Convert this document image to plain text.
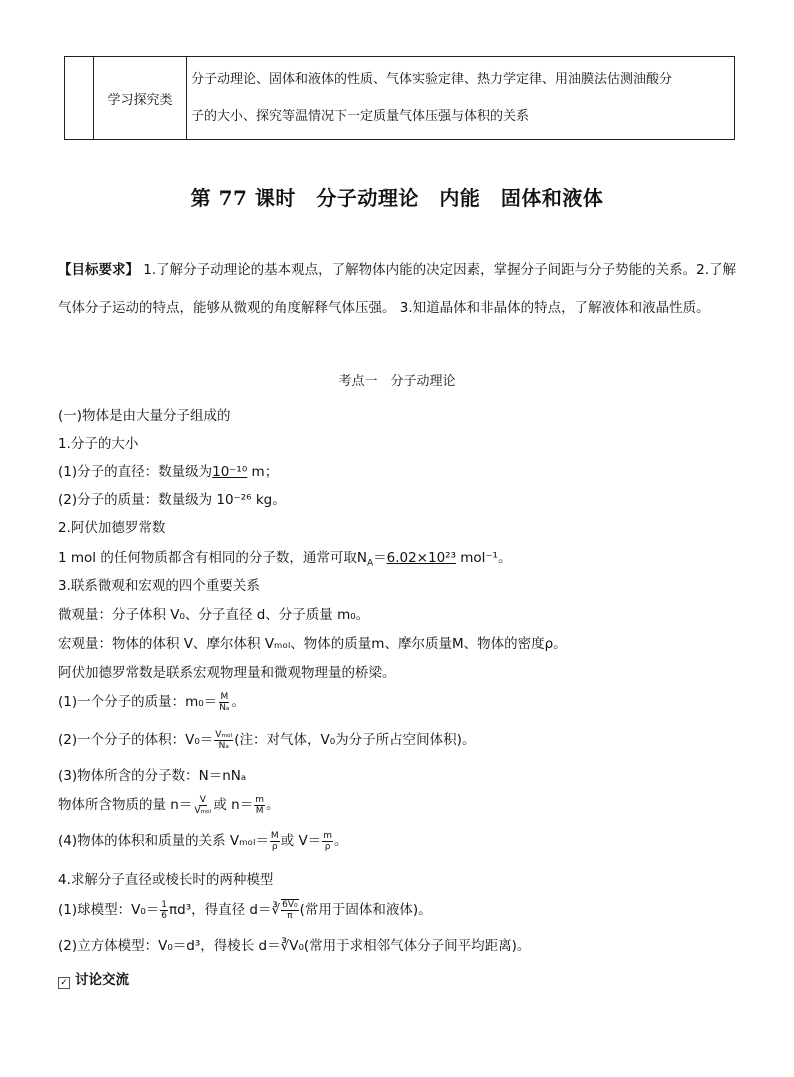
	学习探究类	
分子动理论、固体和液体的性质、气体实验定律、热力学定律、用油膜法估测油酸分
子的大小、探究等温情况下一定质量气体压强与体积的关系
第 77 课时　分子动理论　内能　固体和液体
【目标要求】 1.了解分子动理论的基本观点，了解物体内能的决定因素，掌握分子间距与分子势能的关系。2.了解气体分子运动的特点，能够从微观的角度解释气体压强。 3.知道晶体和非晶体的特点，了解液体和液晶性质。
考点一　分子动理论
(一)物体是由大量分子组成的
1.分子的大小
(1)分子的直径：数量级为10⁻¹⁰ m；
(2)分子的质量：数量级为 10⁻²⁶ kg。
2.阿伏加德罗常数
1 mol 的任何物质都含有相同的分子数，通常可取$N_A=6.02\times 10^{23}$ mol⁻¹。
3.联系微观和宏观的四个重要关系
微观量：分子体积 V₀、分子直径 d、分子质量 m₀。
宏观量：物体的体积 V、摩尔体积 Vₘₒₗ、物体的质量m、摩尔质量M、物体的密度ρ。
阿伏加德罗常数是联系宏观物理量和微观物理量的桥梁。
(1)一个分子的质量：$m_0= \frac{M}{\text{Nₐ}}$ 。
(2)一个分子的体积：$V_0= \frac{\text{Vₘₒₗ}}{\text{Nₐ}}$ (注：对气体，V₀为分子所占空间体积)。
(3)物体所含的分子数：N＝nNₐ
物体所含物质的量 $n= \frac{V}{\text{Vₘₒₗ}}$ 或 $n= \frac{m}{M}$ 。
(4)物体的体积和质量的关系 $V_{mol}= \frac{M}{\rho}$ 或 $V= \frac{m}{\rho}$ 。
4.求解分子直径或棱长时的两种模型
(1)球模型：$V_0= \frac{1}{6} \pi d^3$，得直径 d＝∛ $\frac{\text{6V₀}}{\pi}$ (常用于固体和液体)。
(2)立方体模型：V₀＝d³，得棱长 d＝∛V₀(常用于求相邻气体分子间平均距离)。
✓ 讨论交流
